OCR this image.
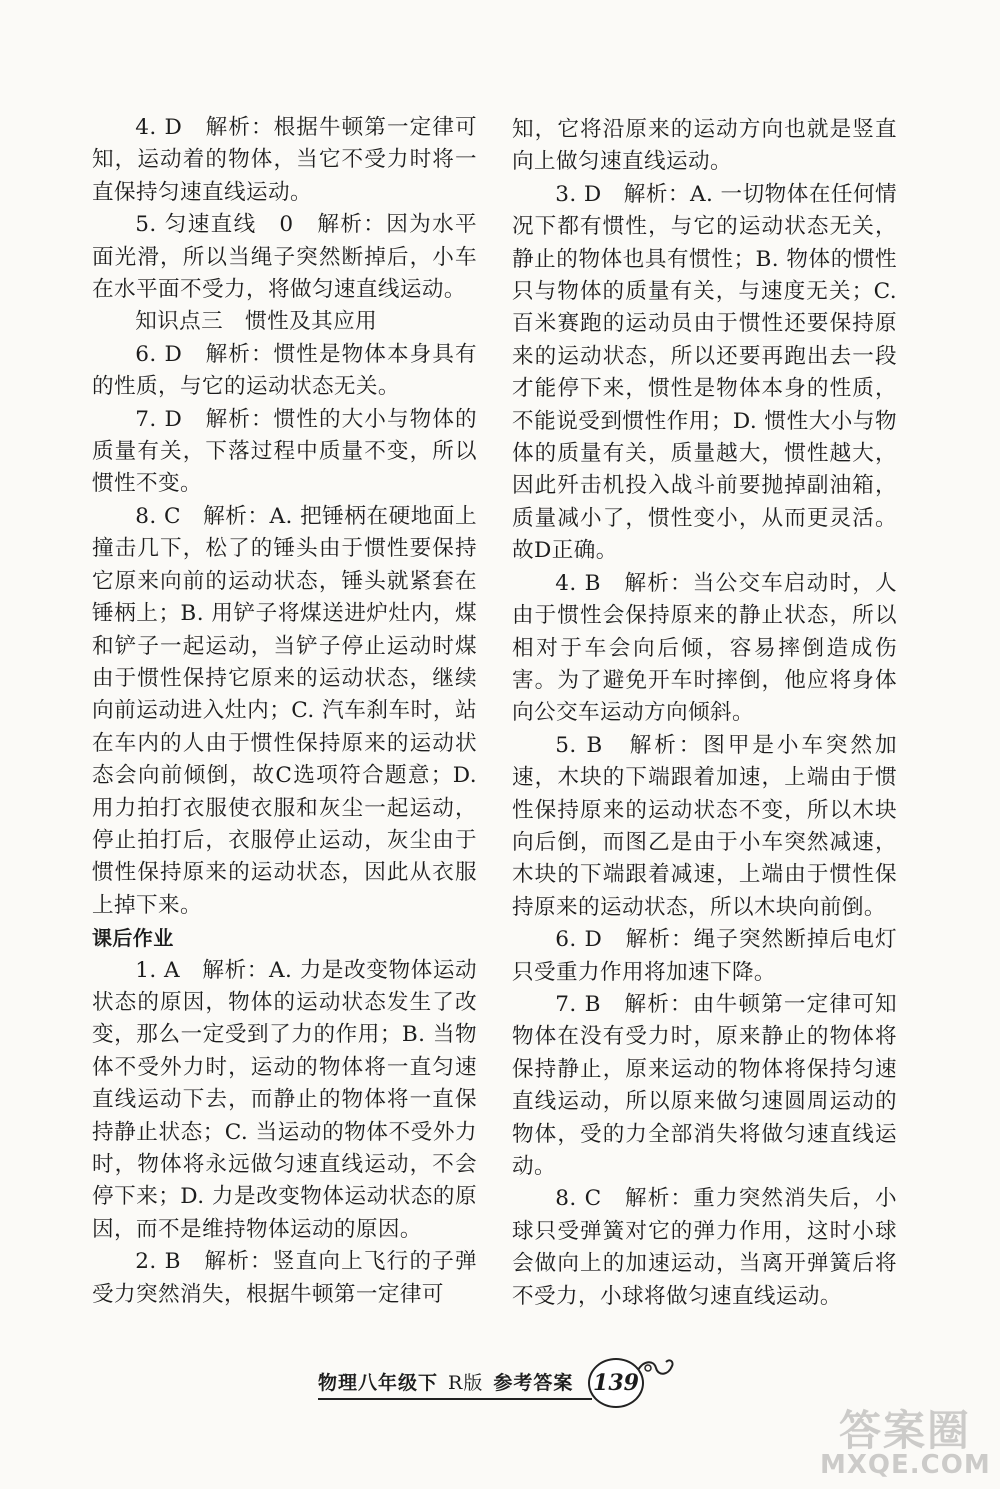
4. D　解析：根据牛顿第一定律可知，运动着的物体，当它不受力时将一直保持匀速直线运动。

5. 匀速直线　0　解析：因为水平面光滑，所以当绳子突然断掉后，小车在水平面不受力，将做匀速直线运动。

知识点三　惯性及其应用

6. D　解析：惯性是物体本身具有的性质，与它的运动状态无关。

7. D　解析：惯性的大小与物体的质量有关，下落过程中质量不变，所以惯性不变。

8. C　解析：A. 把锤柄在硬地面上撞击几下，松了的锤头由于惯性要保持它原来向前的运动状态，锤头就紧套在锤柄上；B. 用铲子将煤送进炉灶内，煤和铲子一起运动，当铲子停止运动时煤由于惯性保持它原来的运动状态，继续向前运动进入灶内；C. 汽车刹车时，站在车内的人由于惯性保持原来的运动状态会向前倾倒，故C选项符合题意；D. 用力拍打衣服使衣服和灰尘一起运动，停止拍打后，衣服停止运动，灰尘由于惯性保持原来的运动状态，因此从衣服上掉下来。

课后作业

1. A　解析：A. 力是改变物体运动状态的原因，物体的运动状态发生了改变，那么一定受到了力的作用；B. 当物体不受外力时，运动的物体将一直匀速直线运动下去，而静止的物体将一直保持静止状态；C. 当运动的物体不受外力时，物体将永远做匀速直线运动，不会停下来；D. 力是改变物体运动状态的原因，而不是维持物体运动的原因。

2. B　解析：竖直向上飞行的子弹受力突然消失，根据牛顿第一定律可

知，它将沿原来的运动方向也就是竖直向上做匀速直线运动。

3. D　解析：A. 一切物体在任何情况下都有惯性，与它的运动状态无关，静止的物体也具有惯性；B. 物体的惯性只与物体的质量有关，与速度无关；C. 百米赛跑的运动员由于惯性还要保持原来的运动状态，所以还要再跑出去一段才能停下来，惯性是物体本身的性质，不能说受到惯性作用；D. 惯性大小与物体的质量有关，质量越大，惯性越大，因此歼击机投入战斗前要抛掉副油箱，质量减小了，惯性变小，从而更灵活。故D正确。

4. B　解析：当公交车启动时，人由于惯性会保持原来的静止状态，所以相对于车会向后倾，容易摔倒造成伤害。为了避免开车时摔倒，他应将身体向公交车运动方向倾斜。

5. B　解析：图甲是小车突然加速，木块的下端跟着加速，上端由于惯性保持原来的运动状态不变，所以木块向后倒，而图乙是由于小车突然减速，木块的下端跟着减速，上端由于惯性保持原来的运动状态，所以木块向前倒。

6. D　解析：绳子突然断掉后电灯只受重力作用将加速下降。

7. B　解析：由牛顿第一定律可知物体在没有受力时，原来静止的物体将保持静止，原来运动的物体将保持匀速直线运动，所以原来做匀速圆周运动的物体，受的力全部消失将做匀速直线运动。

8. C　解析：重力突然消失后，小球只受弹簧对它的弹力作用，这时小球会做向上的加速运动，当离开弹簧后将不受力，小球将做匀速直线运动。

物理八年级下 R版 参考答案 139
答案圈
MXQE.COM
